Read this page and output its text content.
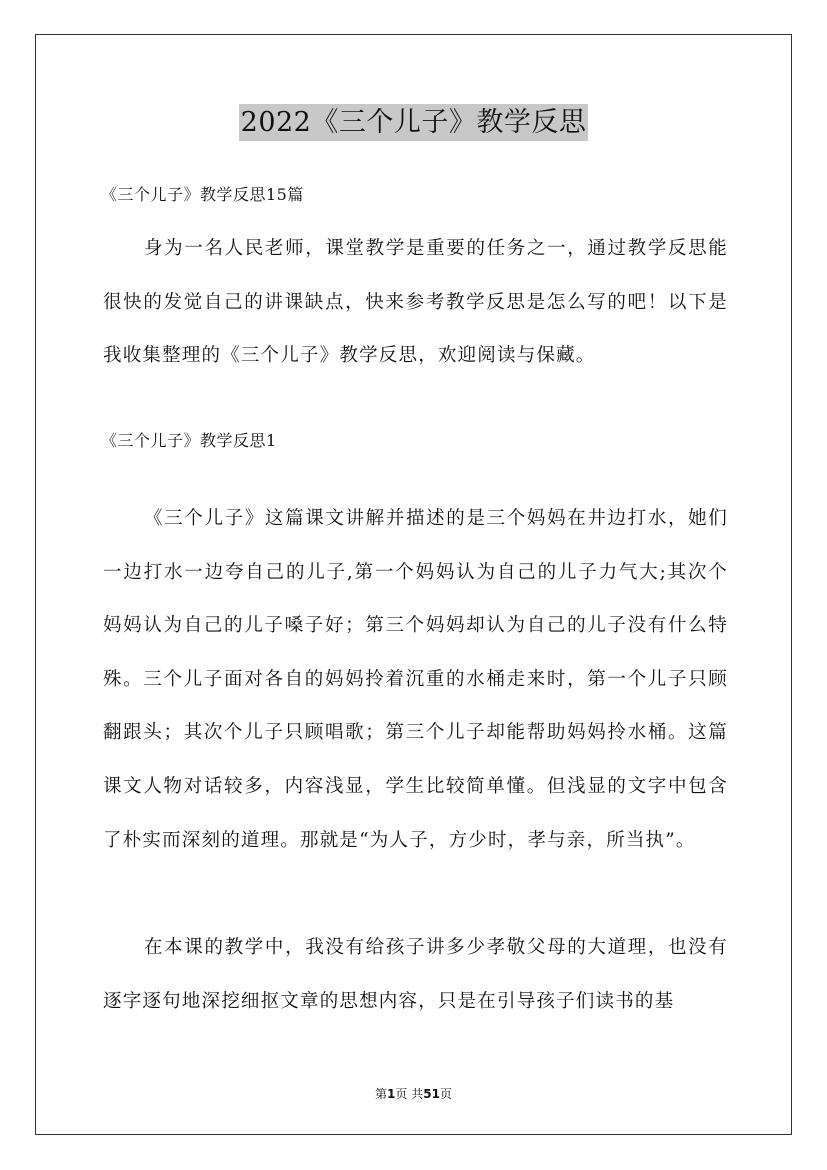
2022《三个儿子》教学反思
《三个儿子》教学反思15篇

身为一名人民老师，课堂教学是重要的任务之一，通过教学反思能很快的发觉自己的讲课缺点，快来参考教学反思是怎么写的吧！以下是我收集整理的《三个儿子》教学反思，欢迎阅读与保藏。

《三个儿子》教学反思1

《三个儿子》这篇课文讲解并描述的是三个妈妈在井边打水，她们一边打水一边夸自己的儿子,第一个妈妈认为自己的儿子力气大;其次个妈妈认为自己的儿子嗓子好；第三个妈妈却认为自己的儿子没有什么特殊。三个儿子面对各自的妈妈拎着沉重的水桶走来时，第一个儿子只顾翻跟头；其次个儿子只顾唱歌；第三个儿子却能帮助妈妈拎水桶。这篇课文人物对话较多，内容浅显，学生比较简单懂。但浅显的文字中包含了朴实而深刻的道理。那就是“为人子，方少时，孝与亲，所当执”。

在本课的教学中，我没有给孩子讲多少孝敬父母的大道理，也没有逐字逐句地深挖细抠文章的思想内容，只是在引导孩子们读书的基

第1页 共51页
